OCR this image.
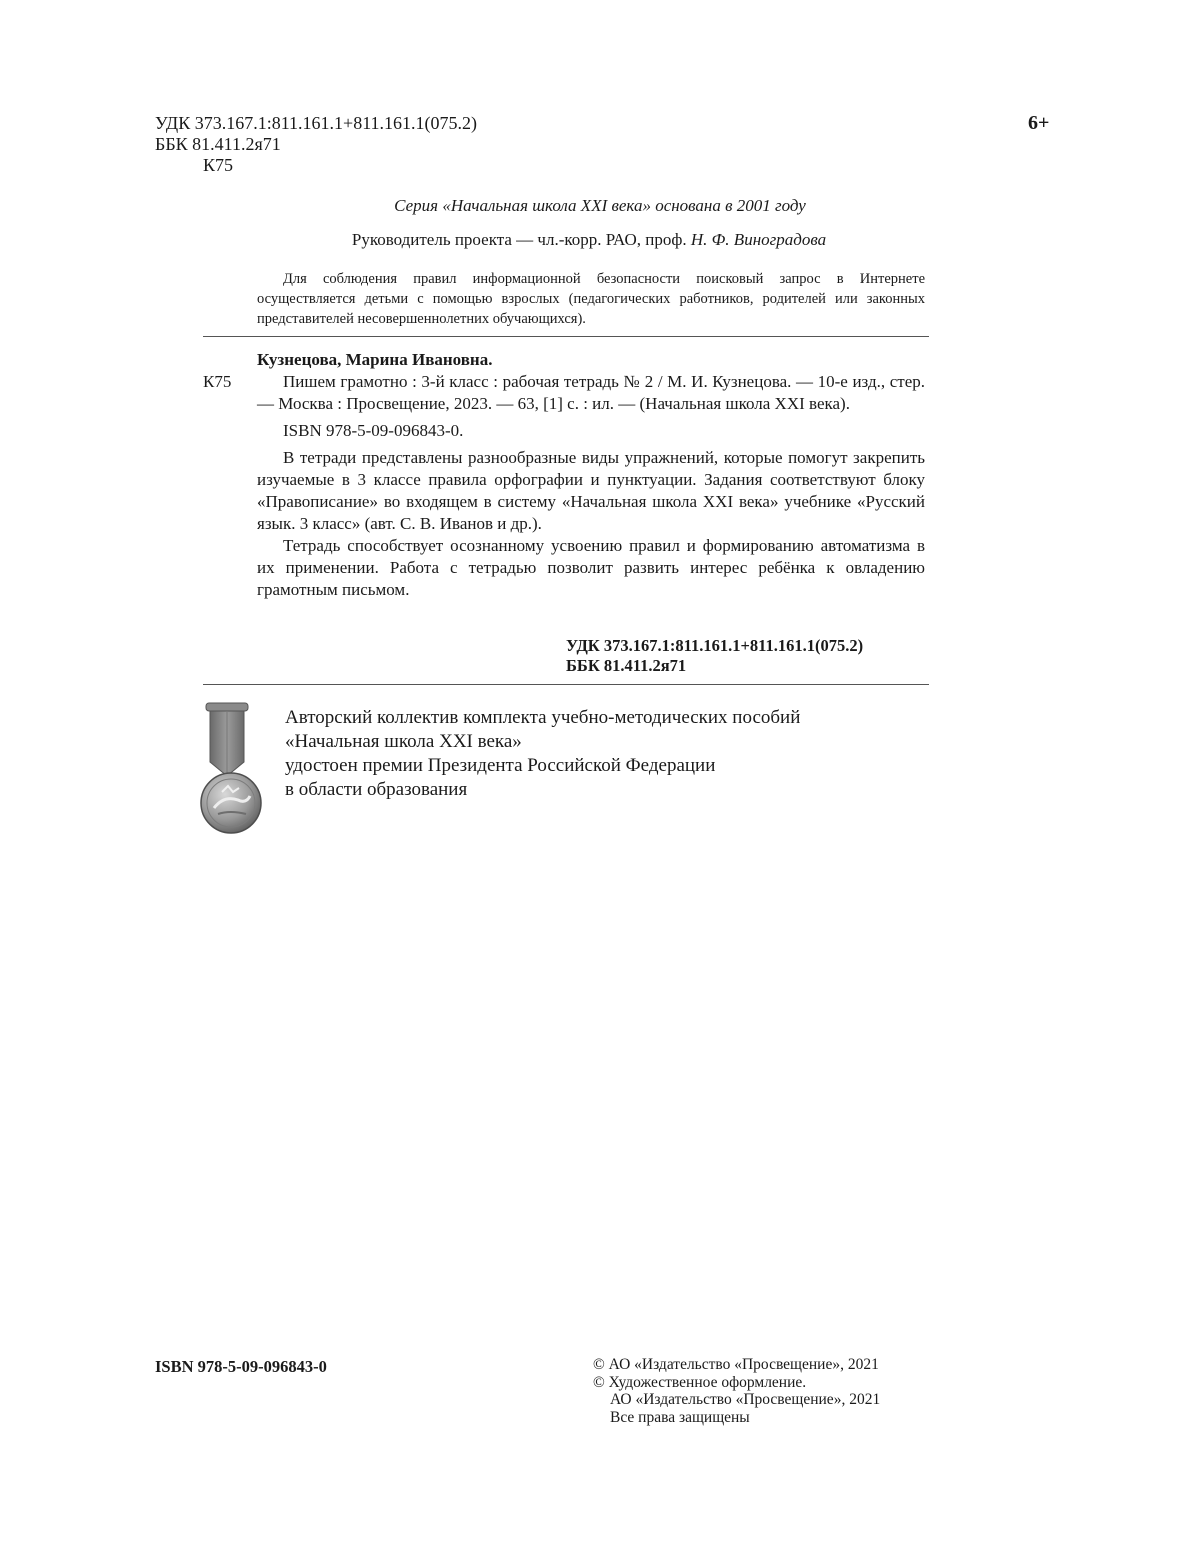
УДК 373.167.1:811.161.1+811.161.1(075.2)
ББК 81.411.2я71
К75
6+
Серия «Начальная школа XXI века» основана в 2001 году
Руководитель проекта — чл.-корр. РАО, проф. Н. Ф. Виноградова
Для соблюдения правил информационной безопасности поисковый запрос в Интернете осуществляется детьми с помощью взрослых (педагогических работников, родителей или законных представителей несовершеннолетних обучающихся).
Кузнецова, Марина Ивановна.
К75	Пишем грамотно : 3-й класс : рабочая тетрадь № 2 / М. И. Кузнецова. — 10-е изд., стер. — Москва : Просвещение, 2023. — 63, [1] с. : ил. — (Начальная школа XXI века).
ISBN 978-5-09-096843-0.
В тетради представлены разнообразные виды упражнений, которые помогут закрепить изучаемые в 3 классе правила орфографии и пунктуации. Задания соответствуют блоку «Правописание» во входящем в систему «Начальная школа XXI века» учебнике «Русский язык. 3 класс» (авт. С. В. Иванов и др.).
Тетрадь способствует осознанному усвоению правил и формированию автоматизма в их применении. Работа с тетрадью позволит развить интерес ребёнка к овладению грамотным письмом.
УДК 373.167.1:811.161.1+811.161.1(075.2)
ББК 81.411.2я71
Авторский коллектив комплекта учебно-методических пособий
«Начальная школа XXI века»
удостоен премии Президента Российской Федерации
в области образования
ISBN 978-5-09-096843-0	© АО «Издательство «Просвещение», 2021
© Художественное оформление.
АО «Издательство «Просвещение», 2021
Все права защищены
